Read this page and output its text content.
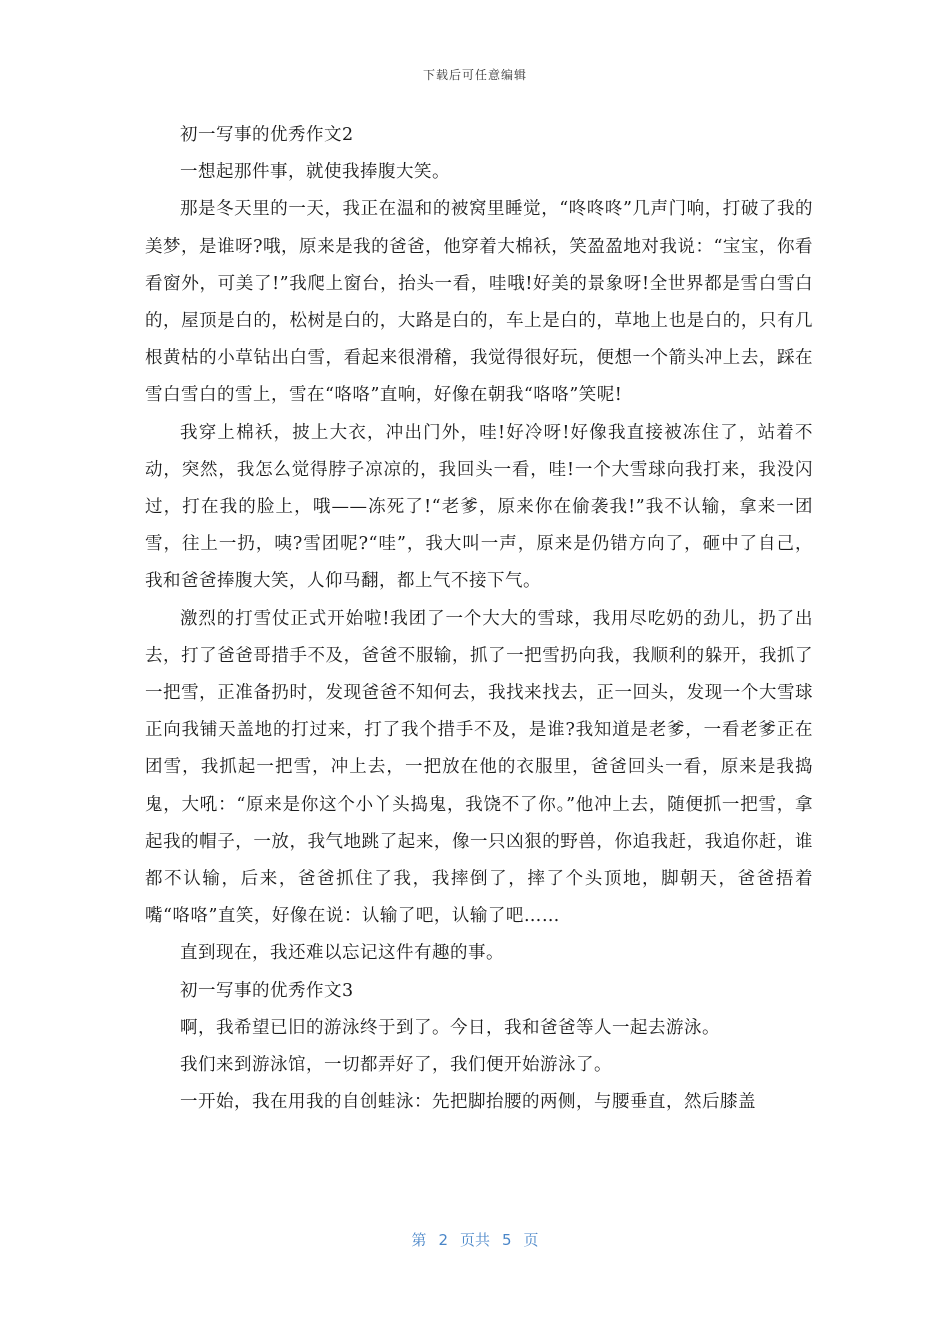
下载后可任意编辑

初一写事的优秀作文2

一想起那件事，就使我捧腹大笑。

那是冬天里的一天，我正在温和的被窝里睡觉，“咚咚咚”几声门响，打破了我的美梦，是谁呀?哦，原来是我的爸爸，他穿着大棉袄，笑盈盈地对我说：“宝宝，你看看窗外，可美了!”我爬上窗台，抬头一看，哇哦!好美的景象呀!全世界都是雪白雪白的，屋顶是白的，松树是白的，大路是白的，车上是白的，草地上也是白的，只有几根黄枯的小草钻出白雪，看起来很滑稽，我觉得很好玩，便想一个箭头冲上去，踩在雪白雪白的雪上，雪在“咯咯”直响，好像在朝我“咯咯”笑呢!

我穿上棉袄，披上大衣，冲出门外，哇!好冷呀!好像我直接被冻住了，站着不动，突然，我怎么觉得脖子凉凉的，我回头一看，哇!一个大雪球向我打来，我没闪过，打在我的脸上，哦——冻死了!“老爹，原来你在偷袭我!”我不认输，拿来一团雪，往上一扔，咦?雪团呢?“哇”，我大叫一声，原来是仍错方向了，砸中了自己，我和爸爸捧腹大笑，人仰马翻，都上气不接下气。

激烈的打雪仗正式开始啦!我团了一个大大的雪球，我用尽吃奶的劲儿，扔了出去，打了爸爸哥措手不及，爸爸不服输，抓了一把雪扔向我，我顺利的躲开，我抓了一把雪，正准备扔时，发现爸爸不知何去，我找来找去，正一回头，发现一个大雪球正向我铺天盖地的打过来，打了我个措手不及，是谁?我知道是老爹，一看老爹正在团雪，我抓起一把雪，冲上去，一把放在他的衣服里，爸爸回头一看，原来是我捣鬼，大吼：“原来是你这个小丫头捣鬼，我饶不了你。”他冲上去，随便抓一把雪，拿起我的帽子，一放，我气地跳了起来，像一只凶狠的野兽，你追我赶，我追你赶，谁都不认输，后来，爸爸抓住了我，我摔倒了，摔了个头顶地，脚朝天，爸爸捂着嘴“咯咯”直笑，好像在说：认输了吧，认输了吧……

直到现在，我还难以忘记这件有趣的事。

初一写事的优秀作文3

啊，我希望已旧的游泳终于到了。今日，我和爸爸等人一起去游泳。

我们来到游泳馆，一切都弄好了，我们便开始游泳了。

一开始，我在用我的自创蛙泳：先把脚抬腰的两侧，与腰垂直，然后膝盖

第 2 页共 5 页
